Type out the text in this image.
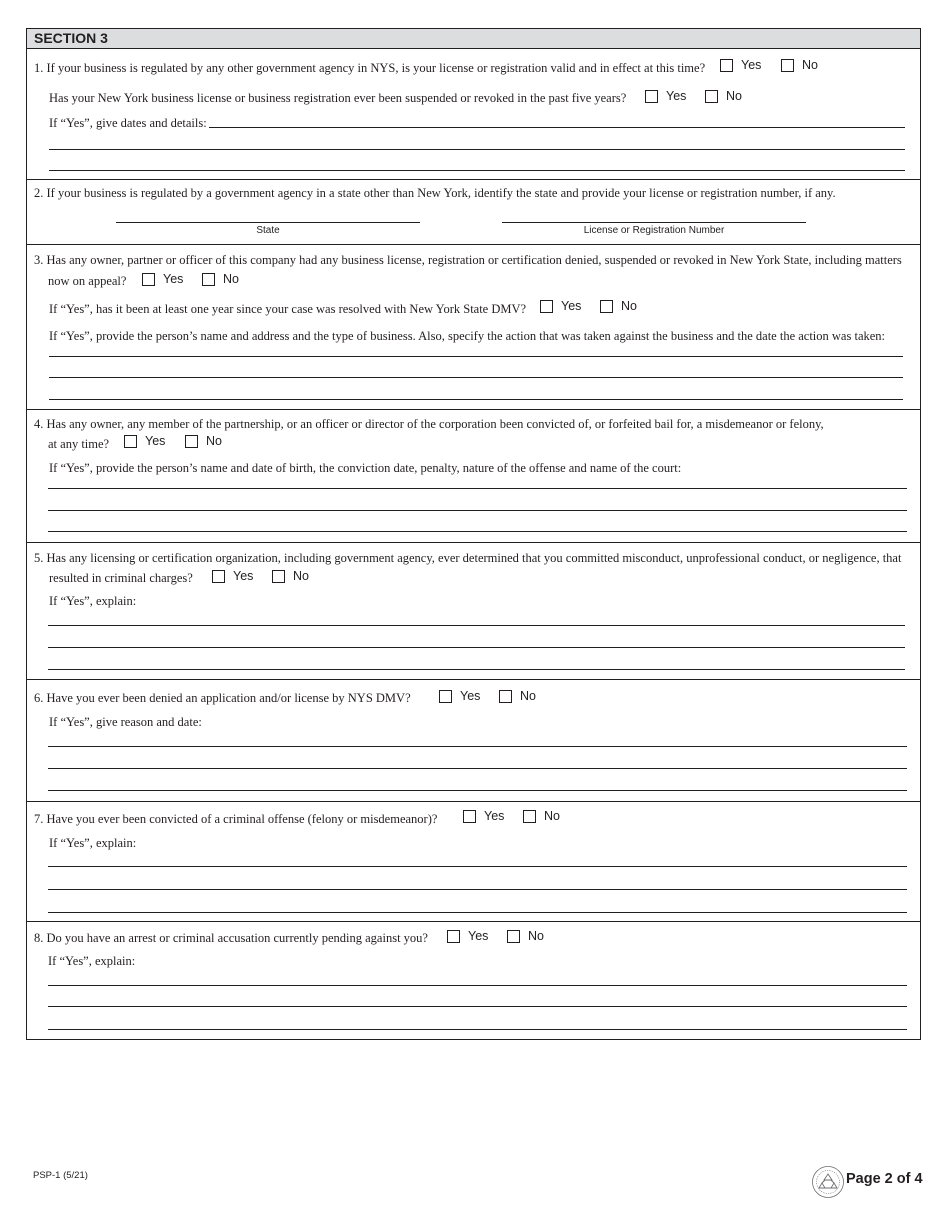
SECTION 3
1. If your business is regulated by any other government agency in NYS, is your license or registration valid and in effect at this time?	Yes	No
Has your New York business license or business registration ever been suspended or revoked in the past five years?	Yes	No
If “Yes”, give dates and details:
2. If your business is regulated by a government agency in a state other than New York, identify the state and provide your license or registration number, if any.
State	License or Registration Number
3. Has any owner, partner or officer of this company had any business license, registration or certification denied, suspended or revoked in New York State, including matters
now on appeal?	Yes	No
If “Yes”, has it been at least one year since your case was resolved with New York State DMV?	Yes	No
If “Yes”, provide the person’s name and address and the type of business. Also, specify the action that was taken against the business and the date the action was taken:
4. Has any owner, any member of the partnership, or an officer or director of the corporation been convicted of, or forfeited bail for, a misdemeanor or felony,
at any time?	Yes	No
If “Yes”, provide the person’s name and date of birth, the conviction date, penalty, nature of the offense and name of the court:
5. Has any licensing or certification organization, including government agency, ever determined that you committed misconduct, unprofessional conduct, or negligence, that
resulted in criminal charges?	Yes	No
If “Yes”, explain:
6. Have you ever been denied an application and/or license by NYS DMV?	Yes	No
If “Yes”, give reason and date:
7. Have you ever been convicted of a criminal offense (felony or misdemeanor)?	Yes	No
If “Yes”, explain:
8. Do you have an arrest or criminal accusation currently pending against you?	Yes	No
If “Yes”, explain:
PSP-1 (5/21)	Page 2 of 4
